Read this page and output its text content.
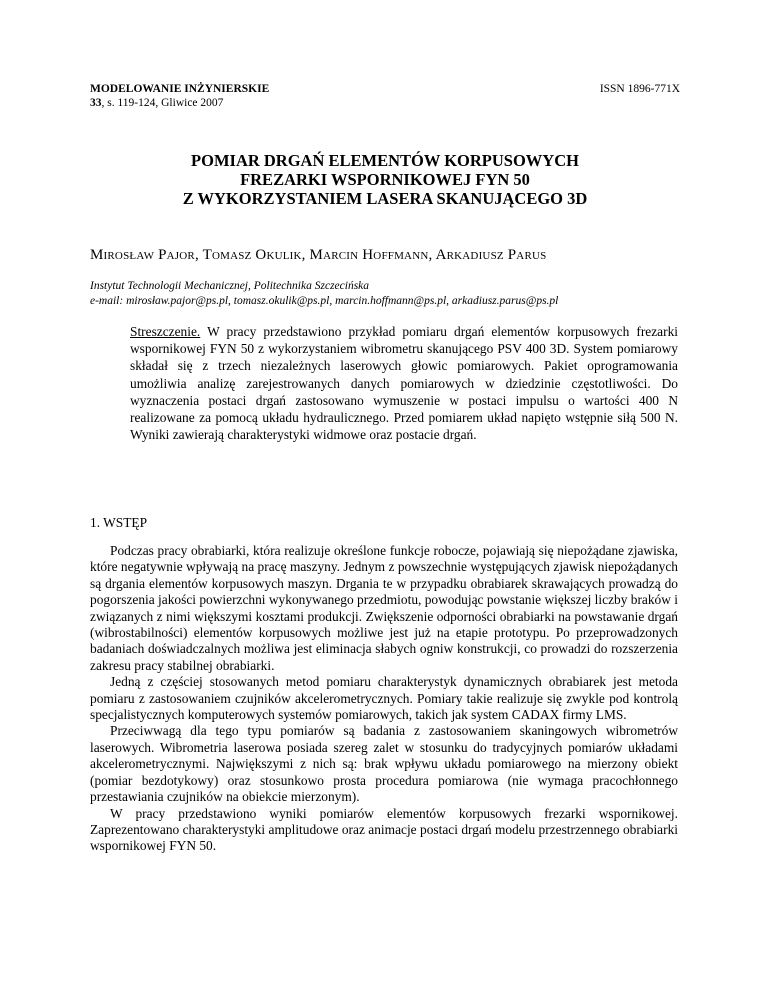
MODELOWANIE INŻYNIERSKIE
33, s. 119-124, Gliwice 2007
ISSN 1896-771X
POMIAR DRGAŃ ELEMENTÓW KORPUSOWYCH
FREZARKI WSPORNIKOWEJ FYN 50
Z WYKORZYSTANIEM LASERA SKANUJĄCEGO 3D
Mirosław Pajor, Tomasz Okulik, Marcin Hoffmann, Arkadiusz Parus
Instytut Technologii Mechanicznej, Politechnika Szczecińska
e-mail: mirosław.pajor@ps.pl, tomasz.okulik@ps.pl, marcin.hoffmann@ps.pl, arkadiusz.parus@ps.pl
Streszczenie. W pracy przedstawiono przykład pomiaru drgań elementów korpusowych frezarki wspornikowej FYN 50 z wykorzystaniem wibrometru skanującego PSV 400 3D. System pomiarowy składał się z trzech niezależnych laserowych głowic pomiarowych. Pakiet oprogramowania umożliwia analizę zarejestrowanych danych pomiarowych w dziedzinie częstotliwości. Do wyznaczenia postaci drgań zastosowano wymuszenie w postaci impulsu o wartości 400 N realizowane za pomocą układu hydraulicznego. Przed pomiarem układ napięto wstępnie siłą 500 N. Wyniki zawierają charakterystyki widmowe oraz postacie drgań.
1. WSTĘP

Podczas pracy obrabiarki, która realizuje określone funkcje robocze, pojawiają się niepożądane zjawiska, które negatywnie wpływają na pracę maszyny. Jednym z powszechnie występujących zjawisk niepożądanych są drgania elementów korpusowych maszyn. Drgania te w przypadku obrabiarek skrawających prowadzą do pogorszenia jakości powierzchni wykonywanego przedmiotu, powodując powstanie większej liczby braków i związanych z nimi większymi kosztami produkcji. Zwiększenie odporności obrabiarki na powstawanie drgań (wibrostabilności) elementów korpusowych możliwe jest już na etapie prototypu. Po przeprowadzonych badaniach doświadczalnych możliwa jest eliminacja słabych ogniw konstrukcji, co prowadzi do rozszerzenia zakresu pracy stabilnej obrabiarki.

Jedną z częściej stosowanych metod pomiaru charakterystyk dynamicznych obrabiarek jest metoda pomiaru z zastosowaniem czujników akcelerometrycznych. Pomiary takie realizuje się zwykle pod kontrolą specjalistycznych komputerowych systemów pomiarowych, takich jak system CADAX firmy LMS.

Przeciwwagą dla tego typu pomiarów są badania z zastosowaniem skaningowych wibrometrów laserowych. Wibrometria laserowa posiada szereg zalet w stosunku do tradycyjnych pomiarów układami akcelerometrycznymi. Największymi z nich są: brak wpływu układu pomiarowego na mierzony obiekt (pomiar bezdotykowy) oraz stosunkowo prosta procedura pomiarowa (nie wymaga pracochłonnego przestawiania czujników na obiekcie mierzonym).

W pracy przedstawiono wyniki pomiarów elementów korpusowych frezarki wspornikowej. Zaprezentowano charakterystyki amplitudowe oraz animacje postaci drgań modelu przestrzennego obrabiarki wspornikowej FYN 50.
